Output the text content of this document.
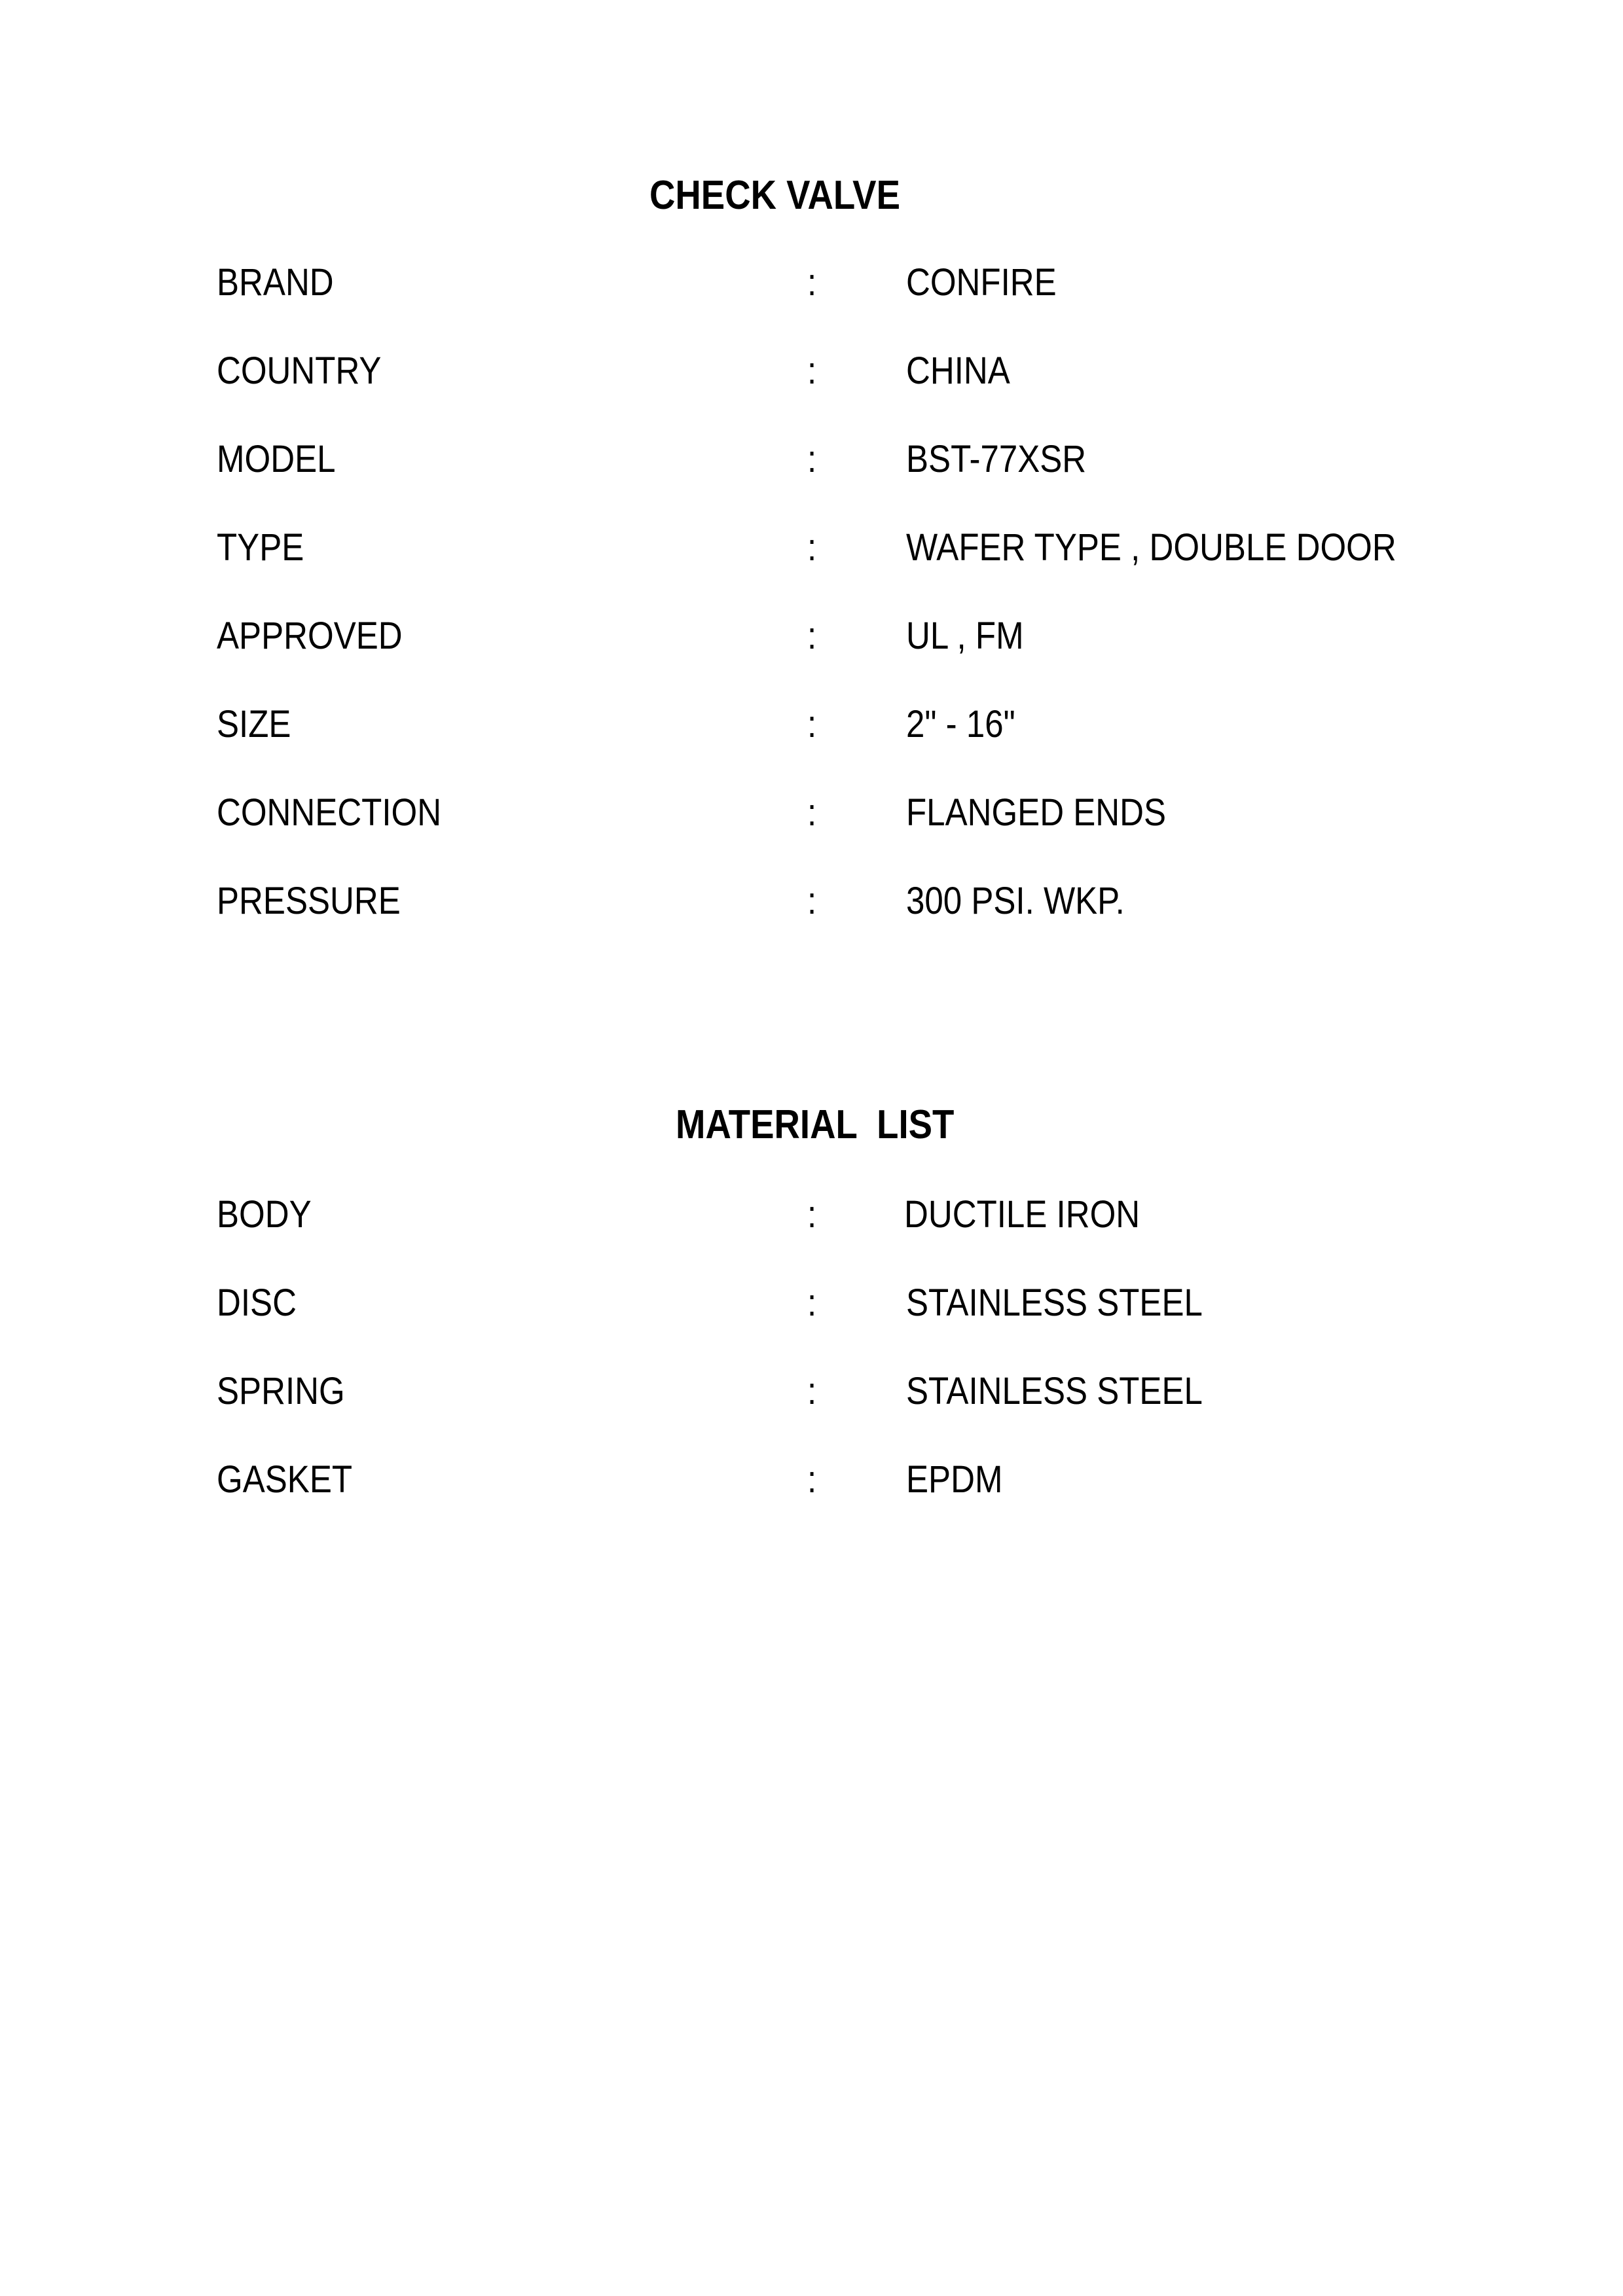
CHECK VALVE
BRAND	: CONFIRE
COUNTRY	: CHINA
MODEL	: BST-77XSR
TYPE	: WAFER TYPE , DOUBLE DOOR
APPROVED	: UL , FM
SIZE	: 2" - 16"
CONNECTION	: FLANGED ENDS
PRESSURE	: 300 PSI. WKP.
MATERIAL  LIST
BODY	: DUCTILE IRON
DISC	: STAINLESS STEEL
SPRING	: STAINLESS STEEL
GASKET	: EPDM
